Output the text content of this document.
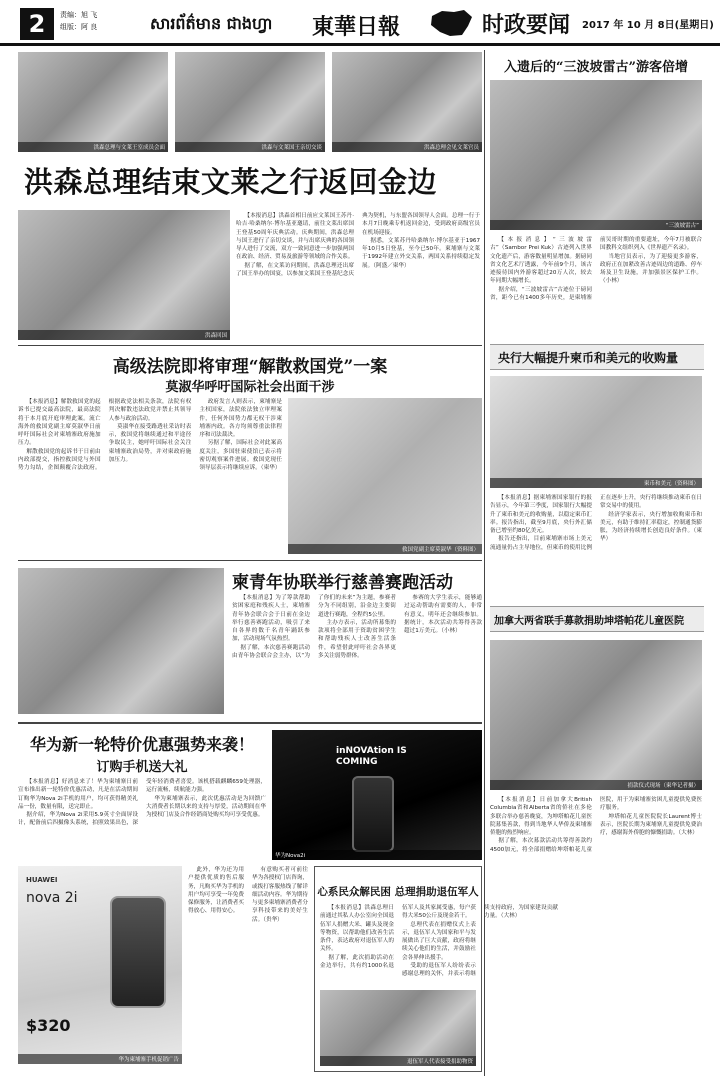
2	责编：旭 飞
组版：阿 良	សារព័ត៌មាន ជាងហ្វា 東華日報	时政要闻 2017 年 10 月 8日(星期日)
洪森总理与文莱王室成员会面	洪森与文莱国王亲切交谈	洪森总理会见文莱官员
洪森总理结束文莱之行返回金边
洪森回国

【本报消息】洪森首相日前应文莱国王苏丹·哈吉·哈桑纳尔·博尔基亚邀请，前往文莱出席国王登基50周年庆典活动。庆典期间，洪森总理与国王进行了亲切交谈，并与出席庆典的各国领导人进行了交流，双方一致同意进一步加强两国在政治、经济、贸易及旅游等领域的合作关系。

据了解，在文莱访问期间，洪森总理还出席了国王举办的国宴，以参加文莱国王登基纪念庆典为契机，与东盟各国领导人会面。总理一行于本月7日晚乘专机返回金边，受到政府高级官员在机场迎接。

据悉，文莱苏丹哈桑纳尔·博尔基亚于1967年10月5日登基，至今已50年。柬埔寨与文莱于1992年建立外交关系，两国关系持续稳定发展。（阿盛／柬华）

高级法院即将审理“解散救国党”一案
莫淑华呼吁国际社会出面干涉

【本报消息】解散救国党的起诉书已提交最高法院，最高法院将于本月底开庭审理此案。流亡海外的救国党副主席莫淑华日前呼吁国际社会对柬埔寨政府施加压力。

解散救国党的起诉书于日前由内政部提交，指控救国党与外国势力勾结，企图颠覆合法政府。根据政党法相关条款，法院有权判决解散违法政党并禁止其领导人参与政治活动。

莫淑华在接受路透社采访时表示，救国党将继续通过和平途径争取民主，她呼吁国际社会关注柬埔寨政治局势，并对柬政府施加压力。

政府发言人则表示，柬埔寨是主权国家，法院依法独立审理案件，任何外国势力都无权干涉柬埔寨内政。各方均须尊重法律程序和司法裁决。

另据了解，国际社会对此案高度关注，多国驻柬使馆已表示将密切观察案件进展。救国党现任领导层表示将继续应诉。（柬华）

救国党副主席莫淑华（资料图）
柬青年协联举行慈善赛跑活动

【本报消息】为了筹款帮助贫困家庭和残疾人士，柬埔寨青年协会联合会于日前在金边举行慈善赛跑活动，吸引了来自各界的数千名青年踊跃参加，活动现场气氛热烈。

据了解，本次慈善赛跑活动由青年协会联合会主办，以“为了你们的未来”为主题，参赛者分为不同组别，沿金边主要街道进行赛跑，全程约5公里。

主办方表示，活动所募集的款项将全部用于资助贫困学生和帮助残疾人士改善生活条件，希望借此呼吁社会各界更多关注弱势群体。

参赛的大学生表示，能够通过运动帮助有需要的人，非常有意义，明年还会继续参加。据统计，本次活动共筹得善款超过1万美元。（小林）

华为新一轮特价优惠强势来袭！
订购手机送大礼

【本报消息】好消息来了！华为柬埔寨日前宣布推出新一轮特价优惠活动，凡是在活动期间订购华为Nova 2i手机的用户，均可获得精美礼品一份，数量有限，送完即止。

据介绍，华为Nova 2i采用5.9英寸全面屏设计，配备前后四摄像头系统，拍照效果出色，深受年轻消费者喜爱。该机搭载麒麟659处理器，运行流畅，续航能力强。

华为柬埔寨表示，此次优惠活动是为回馈广大消费者长期以来的支持与厚爱，活动期间在华为授权门店及合作经销商处购买均可享受优惠。

inNOVAtion IS COMING
华为Nova2i
HUAWEI
nova 2i
$320
华为柬埔寨手机促销广告

此外，华为还为用户提供优质的售后服务，凡购买华为手机的用户均可享受一年免费保修服务，让消费者买得放心、用得安心。

有意购买者可前往华为各授权门店咨询，或拨打客服热线了解详细活动内容。华为期待与更多柬埔寨消费者分享科技带来的美好生活。（贵华）

心系民众解民困 总理捐助退伍军人

【本报消息】洪森总理日前通过其私人办公室向全国退伍军人捐赠大米、罐头及现金等物资，以帮助他们改善生活条件，表达政府对退伍军人的关怀。

据了解，此次捐助活动在金边举行，共有约1000名退伍军人及其家属受惠，每户获得大米50公斤及现金若干。

总理代表在捐赠仪式上表示，退伍军人为国家和平与发展做出了巨大贡献，政府将继续关心他们的生活，并鼓励社会各界伸出援手。

受助的退伍军人纷纷表示感谢总理的关怀，并表示将继续支持政府，为国家建设贡献力量。（大林）

退伍军人代表接受捐助物资
入遗后的“三波坡雷古”游客倍增
“三波坡雷古”

【本报消息】“三波坡雷古”（Sambor Prei Kuk）古迹列入世界文化遗产后，游客数量明显增加。据磅同省文化艺术厅透露，今年前9个月，该古迹接待国内外游客超过20万人次，较去年同期大幅增长。

据介绍，“三波坡雷古”古迹位于磅同省，距今已有1400多年历史，是柬埔寨前吴哥时期的重要遗址，今年7月被联合国教科文组织列入《世界遗产名录》。

当地官员表示，为了迎接更多游客，政府正在加紧改善古迹周边的道路、停车场及卫生设施，并加强景区保护工作。（小林）

央行大幅提升柬币和美元的收购量
柬币和美元（资料图）

【本报消息】据柬埔寨国家银行的报告显示，今年第三季度，国家银行大幅提升了柬币和美元的收购量，以稳定柬币汇率。报告指出，截至9月底，央行外汇储备已增至约80亿美元。

报告还指出，目前柬埔寨市场上美元流通量仍占主导地位，但柬币的使用比例正在逐步上升，央行将继续推动柬币在日常交易中的使用。

经济学家表示，央行增加收购柬币和美元，有助于维持汇率稳定，控制通货膨胀，为经济持续增长创造良好条件。（柬华）

加拿大两省联手募款捐助坤塔帕花儿童医院
捐款仪式现场（柬华记者摄）

【本报消息】日前加拿大British Columbia省和Alberta省的侨社在多伦多联合举办慈善晚宴，为坤塔帕花儿童医院募集善款，得到当地华人华侨及柬埔寨侨胞的热烈响应。

据了解，本次募款活动共筹得善款约4500加元，将全部捐赠给坤塔帕花儿童医院，用于为柬埔寨贫困儿童提供免费医疗服务。

坤塔帕花儿童医院院长Laurent博士表示，医院长期为柬埔寨儿童提供免费治疗，感谢海外侨胞的慷慨捐助。（大林）
